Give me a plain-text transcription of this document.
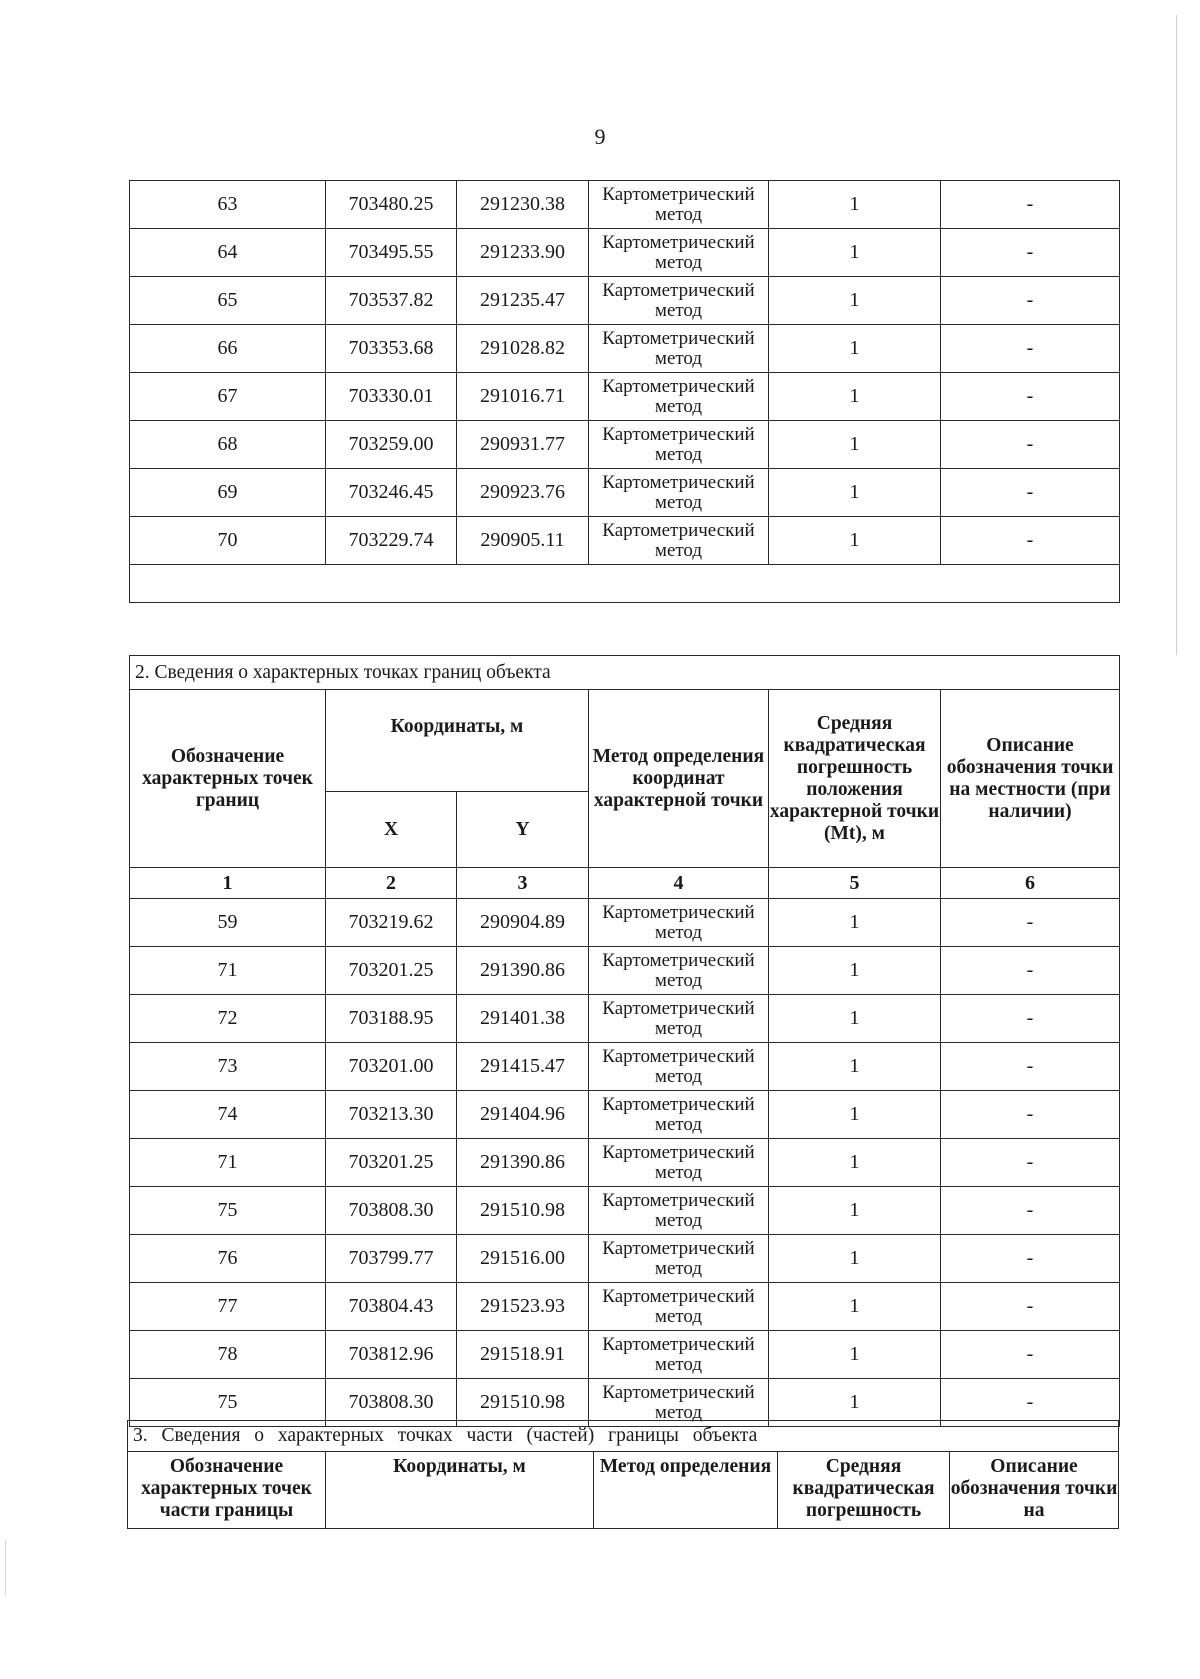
9
63	703480.25	291230.38	Картометрический метод	1	-
64	703495.55	291233.90	Картометрический метод	1	-
65	703537.82	291235.47	Картометрический метод	1	-
66	703353.68	291028.82	Картометрический метод	1	-
67	703330.01	291016.71	Картометрический метод	1	-
68	703259.00	290931.77	Картометрический метод	1	-
69	703246.45	290923.76	Картометрический метод	1	-
70	703229.74	290905.11	Картометрический метод	1	-

2. Сведения о характерных точках границ объекта					
Обозначение характерных точек границ	Координаты, м		Метод определения координат характерной точки	Средняя квадратическая погрешность положения характерной точки (Mt), м	Описание обозначения точки на местности (при наличии)
	X	Y			
1	2	3	4	5	6
59	703219.62	290904.89	Картометрический метод	1	-
71	703201.25	291390.86	Картометрический метод	1	-
72	703188.95	291401.38	Картометрический метод	1	-
73	703201.00	291415.47	Картометрический метод	1	-
74	703213.30	291404.96	Картометрический метод	1	-
71	703201.25	291390.86	Картометрический метод	1	-
75	703808.30	291510.98	Картометрический метод	1	-
76	703799.77	291516.00	Картометрический метод	1	-
77	703804.43	291523.93	Картометрический метод	1	-
78	703812.96	291518.91	Картометрический метод	1	-
75	703808.30	291510.98	Картометрический метод	1	-
3. Сведения о характерных точках части (частей) границы объекта
Обозначение характерных точек части границы	Координаты, м	Метод определения	Средняя квадратическая погрешность	Описание обозначения точки на
